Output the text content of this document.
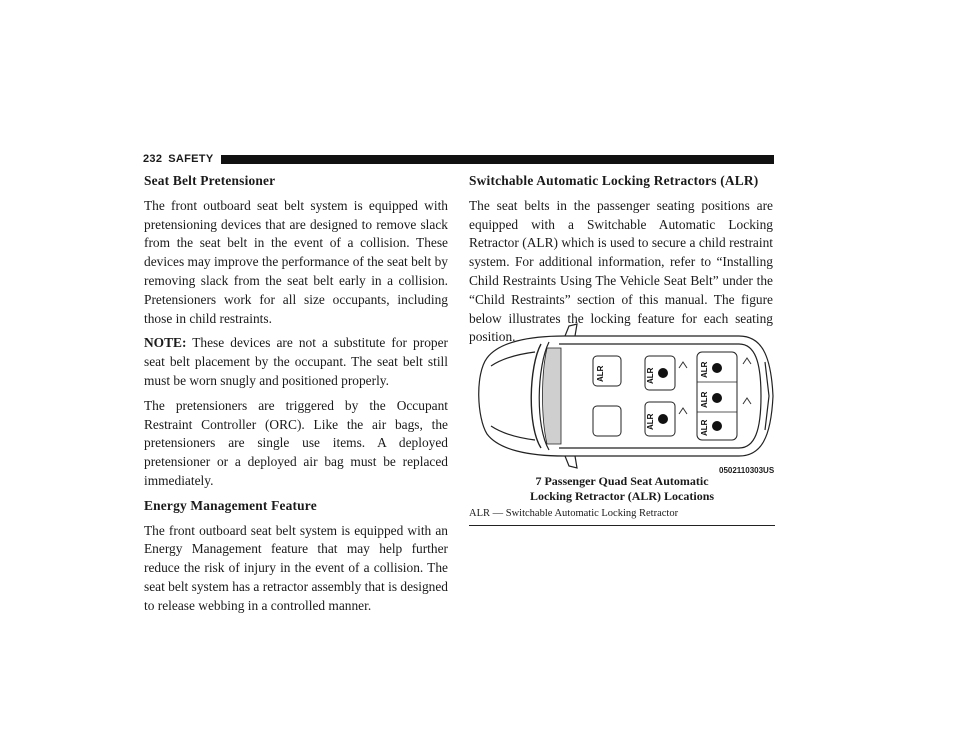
232 SAFETY
Seat Belt Pretensioner

The front outboard seat belt system is equipped with pretensioning devices that are designed to remove slack from the seat belt in the event of a collision. These devices may improve the performance of the seat belt by removing slack from the seat belt early in a collision. Pretensioners work for all size occupants, including those in child restraints.

NOTE: These devices are not a substitute for proper seat belt placement by the occupant. The seat belt still must be worn snugly and positioned properly.

The pretensioners are triggered by the Occupant Restraint Controller (ORC). Like the air bags, the pretensioners are single use items. A deployed pretensioner or a deployed air bag must be replaced immediately.

Energy Management Feature

The front outboard seat belt system is equipped with an Energy Management feature that may help further reduce the risk of injury in the event of a collision. The seat belt system has a retractor assembly that is designed to release webbing in a controlled manner.

Switchable Automatic Locking Retractors (ALR)

The seat belts in the passenger seating positions are equipped with a Switchable Automatic Locking Retractor (ALR) which is used to secure a child restraint system. For additional information, refer to “Installing Child Restraints Using The Vehicle Seat Belt” under the “Child Restraints” section of this manual. The figure below illustrates the locking feature for each seating position.

ALR	ALR
ALR
ALR
ALR
ALR
0502110303US
7 Passenger Quad Seat Automatic
Locking Retractor (ALR) Locations
ALR — Switchable Automatic Locking Retractor
